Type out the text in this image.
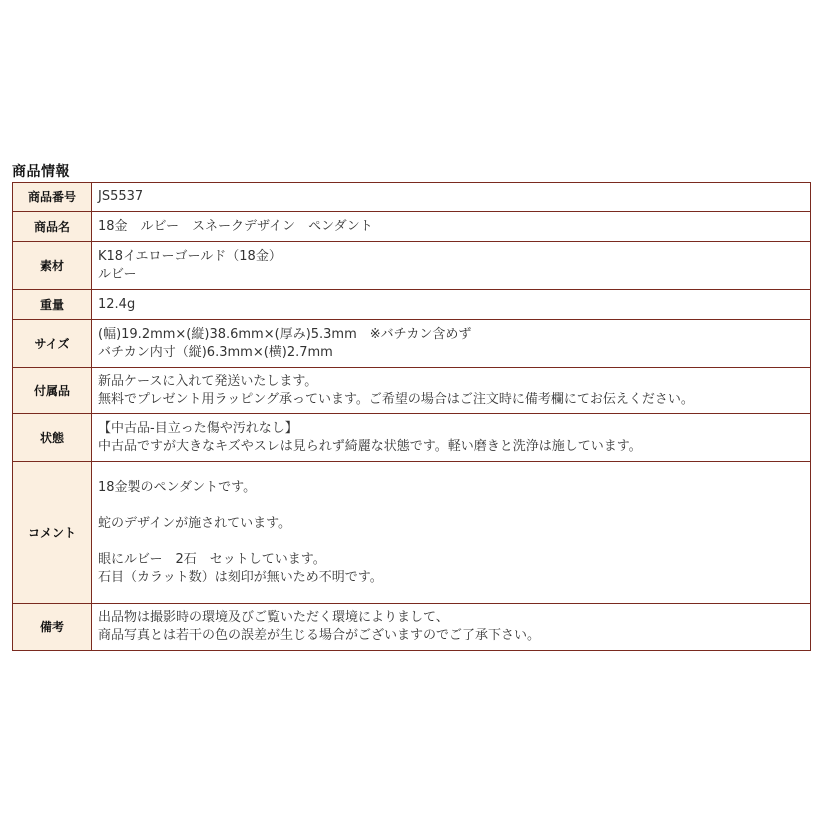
商品情報
商品番号	JS5537

商品名	18金　ルビー　スネークデザイン　ペンダント

素材	K18イエローゴールド（18金）
ルビー

重量	12.4g

サイズ	(幅)19.2mm×(縦)38.6mm×(厚み)5.3mm　※バチカン含めず
バチカン内寸（縦)6.3mm×(横)2.7mm

付属品	新品ケースに入れて発送いたします。
無料でプレゼント用ラッピング承っています。ご希望の場合はご注文時に備考欄にてお伝えください。

状態	【中古品-目立った傷や汚れなし】
中古品ですが大きなキズやスレは見られず綺麗な状態です。軽い磨きと洗浄は施しています。

コメント	18金製のペンダントです。
蛇のデザインが施されています。
眼にルビー　2石　セットしています。
石目（カラット数）は刻印が無いため不明です。

備考	出品物は撮影時の環境及びご覧いただく環境によりまして、
商品写真とは若干の色の誤差が生じる場合がございますのでご了承下さい。
